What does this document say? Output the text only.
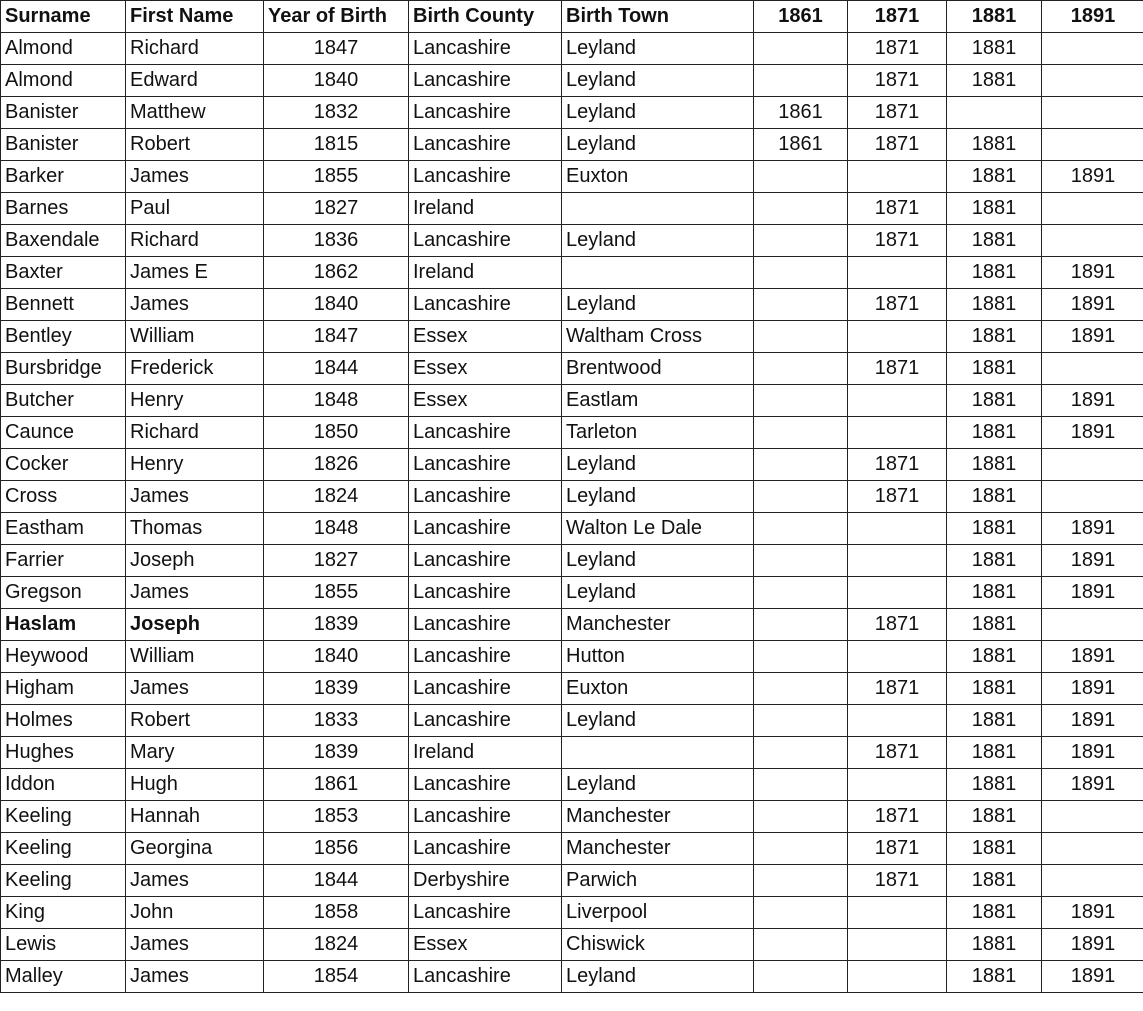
Surname	First Name	Year of Birth	Birth County	Birth Town	1861	1871	1881	1891
Almond	Richard	1847	Lancashire	Leyland		1871	1881	
Almond	Edward	1840	Lancashire	Leyland		1871	1881	
Banister	Matthew	1832	Lancashire	Leyland	1861	1871		
Banister	Robert	1815	Lancashire	Leyland	1861	1871	1881	
Barker	James	1855	Lancashire	Euxton			1881	1891
Barnes	Paul	1827	Ireland			1871	1881	
Baxendale	Richard	1836	Lancashire	Leyland		1871	1881	
Baxter	James E	1862	Ireland				1881	1891
Bennett	James	1840	Lancashire	Leyland		1871	1881	1891
Bentley	William	1847	Essex	Waltham Cross			1881	1891
Bursbridge	Frederick	1844	Essex	Brentwood		1871	1881	
Butcher	Henry	1848	Essex	Eastlam			1881	1891
Caunce	Richard	1850	Lancashire	Tarleton			1881	1891
Cocker	Henry	1826	Lancashire	Leyland		1871	1881	
Cross	James	1824	Lancashire	Leyland		1871	1881	
Eastham	Thomas	1848	Lancashire	Walton Le Dale			1881	1891
Farrier	Joseph	1827	Lancashire	Leyland			1881	1891
Gregson	James	1855	Lancashire	Leyland			1881	1891
Haslam	Joseph	1839	Lancashire	Manchester		1871	1881	
Heywood	William	1840	Lancashire	Hutton			1881	1891
Higham	James	1839	Lancashire	Euxton		1871	1881	1891
Holmes	Robert	1833	Lancashire	Leyland			1881	1891
Hughes	Mary	1839	Ireland			1871	1881	1891
Iddon	Hugh	1861	Lancashire	Leyland			1881	1891
Keeling	Hannah	1853	Lancashire	Manchester		1871	1881	
Keeling	Georgina	1856	Lancashire	Manchester		1871	1881	
Keeling	James	1844	Derbyshire	Parwich		1871	1881	
King	John	1858	Lancashire	Liverpool			1881	1891
Lewis	James	1824	Essex	Chiswick			1881	1891
Malley	James	1854	Lancashire	Leyland			1881	1891
